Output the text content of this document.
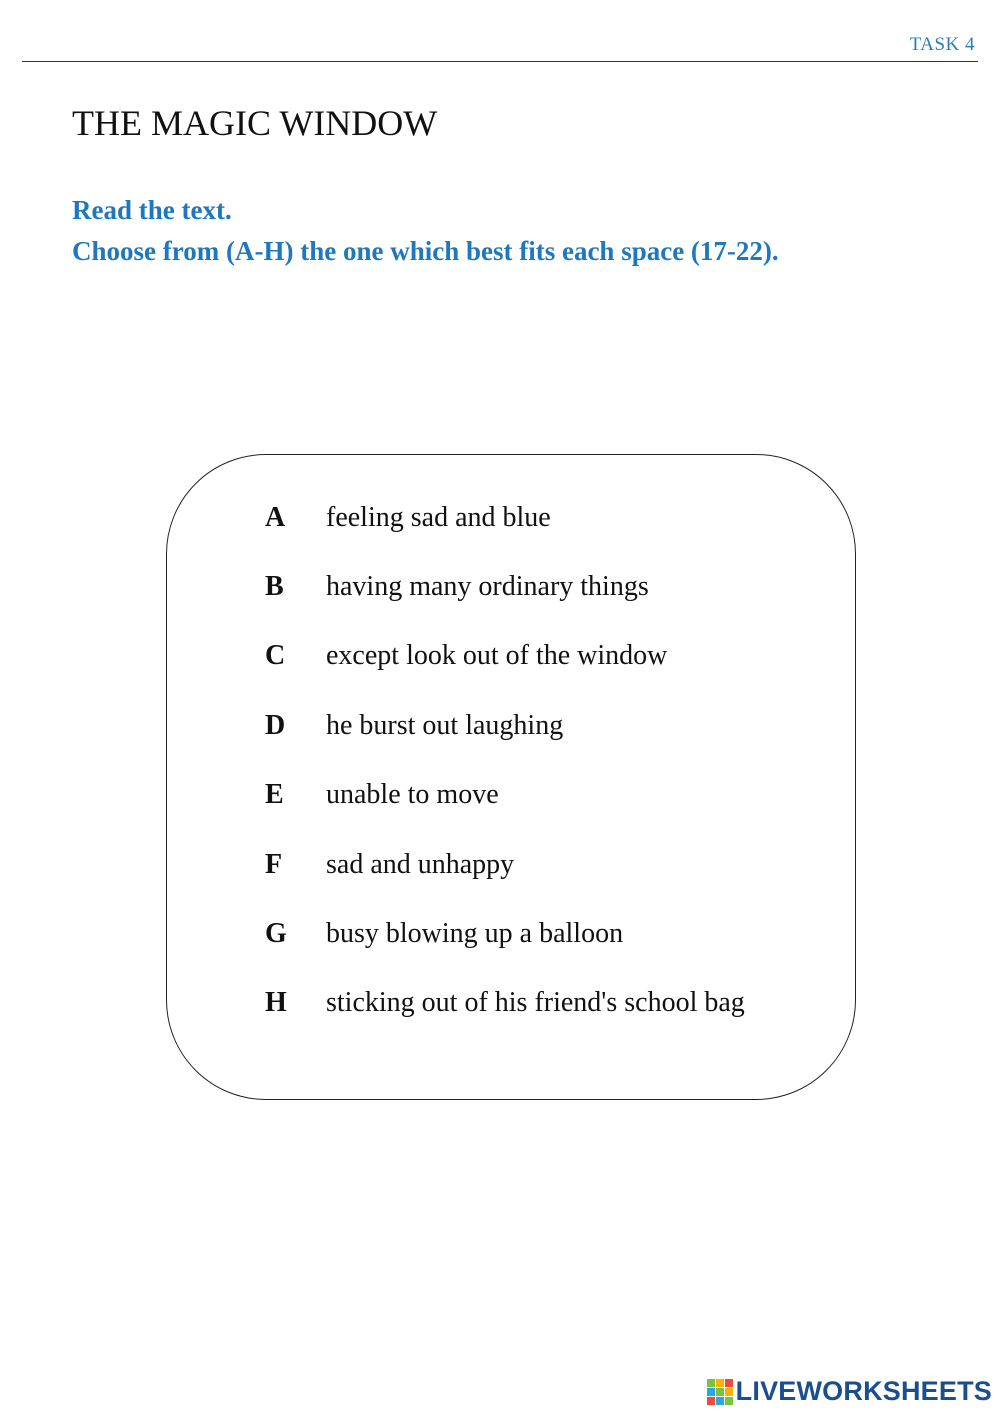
TASK 4
THE MAGIC WINDOW
Read the text.
Choose from (A-H) the one which best fits each space (17-22).
A	feeling sad and blue
B	having many ordinary things
C	except look out of the window
D	he burst out laughing
E	unable to move
F	sad and unhappy
G	busy blowing up a balloon
H	sticking out of his friend's school bag
LIVEWORKSHEETS
